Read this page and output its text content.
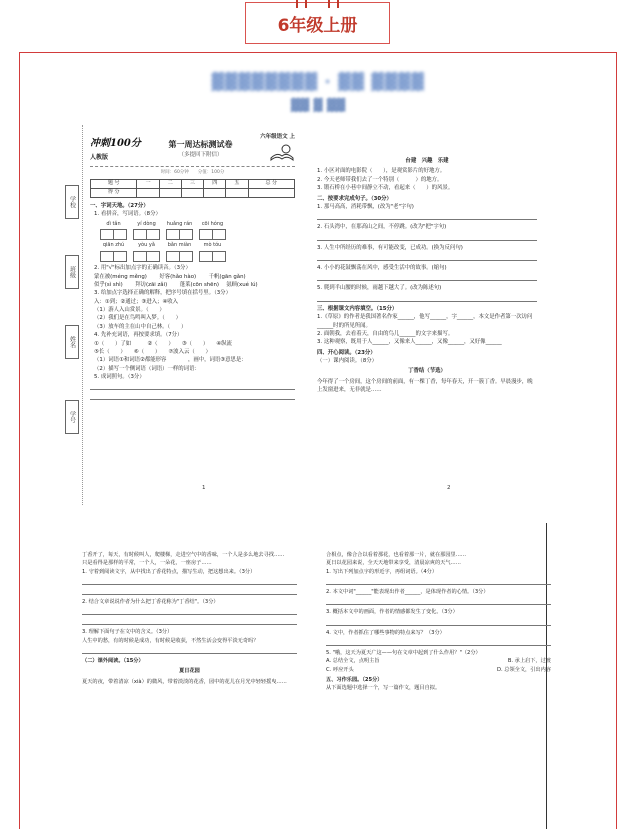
6年级上册
▓▓▓▓▓▓▓▓ · ▓▓ ▓▓▓▓
▓▓ ▓ ▓▓
学校
班级
姓名
学号
冲刺100分
人教版
第一周达标测试卷
（多提回下附信）
六年级语文 上
时间：60分钟　　分值：100分
题 号	一	二	三	四	五	总 分
得 分						
一、字词天地。（27分）
1. 看拼音，写词语。（8分）
dì tǎn	yí dòng	huǎng rán	cōi hóng
qiān zhú	yòu yǎ	bǎn miàn	mò tóu
2. 用"√"标出加点字的正确读音。（3分）
蒙在被(méng měng)　　 好客(hǎo hào)　　 千帆(gān gǎn)
似乎(sì shì)　　 拜访(zāi zǎi)　　 蓬莱(cōn shēn)　 氨顾(xué lú)
3. 给加点字选择正确的解释，把序号填在括号里。（3分）
入：①到；②通过；③进入；④收入
（1）游人入山赏景。（　　）
（2）我们是在鸟鸣叫入梦。（　　）
（3）放车的主在山中自己林。（　　）
4. 先补充词语，再按要求填。（7分）
①（　　）了如　　　②（　　）　　③（　　）　　④纵流
⑤长（　　）　　⑥（　　）　　⑦波入云（　　）
（1）词语①和词语②都能形容　　　　，画中，词语③意思是：
（2）描写一个侧词语（词语）一样的词语：
5. 成词照句。（3分）
1
台建　兴趣　乐建
1. 小区对面的电影院（　　），是观赏影片的好地方。
2. 今天老师带我们去了一个特别（　　　）的地方。
3. 锻石桥在小巷中间静立不动，看起来（　　）的风景。
二、按要求完成句子。（30分）
1. 那马高高，消耗带飘，(改为"老"字句)
2. 石头湾中，在那高山之间，不停跳。(改为"把"字句)
3. 人生中所经历的难事，有可能改变，已成功。(换为反问句)
4. 小小的花鼓飘荡在风中，感受生活中的故事。(缩句)
5. 爬到半山腰的时候，雨越下越大了。(改为陈述句)
三、根据课文内容填空。（15分）
1.《草原》的作者是我国著名作家______，他写______，字______，本文是作者第一次访问______时的所见所闻。
2. 面朝我，去看着天，自由的鸟儿______的文字来描写。
3. 这种观察，既用于人______，又像来人______，又像______，又好像______
四、开心阅读。（23分）
（一）课内阅读。（8分）
丁香结（节选）
今年得了一个房间，这个房间的前面，有一棵丁香，每年春天，开一簇丁香。早晨漫步，晚上发窗进来，无非就是……
2
丁香开了，每天，有时候叫人，爬楼梯，走进空气中的香味，一个人是多么地去寻找……
只是看得是那样的平常，一个人，一朵花，一座房子……
1. 守着到阅读文字，从中找出了香花特点，描写生动，把这想出来。（3分）
2. 结合文章说说作者为什么把丁香花称为"丁香结"。（3分）
3. 理解下面句子在文中的含义。（3分）
人生中的愁，有的时候是成功，有时候是收获，不然生活会变得平淡无奇吗？
（二）课外阅读。（15分）
夏日花园
夏天的夜，带着清凉（xià）的微风，带着淡淡的花香，园中的花儿在月光中轻轻摇曳……
合相点，像合合以看着那花，也看着那一片，就在那园里……
夏日以花园来说，全天天地带来享受，清晨凉爽的天气……
1. 写出下列加点字的形近字，再组词语。（4分）
2. 本文中词"______"能表现出作者______，是体现作者的心情。（3分）
3. 概括本文中的画面，作者的情感都发生了变化。（3分）
4. 文中，作者抓住了哪些事物的特点来写？（3分）
5. "哦，这天为夏天广这——句在文章中起到了什么作用？"（2分）
A. 总结全文，点明主旨	B. 承上启下，过渡
C. 呼应开头	D. 总领全文，引出内容
五、习作乐园。（25分）
从下面选题中选择一个，写一篇作文，题目自拟。
